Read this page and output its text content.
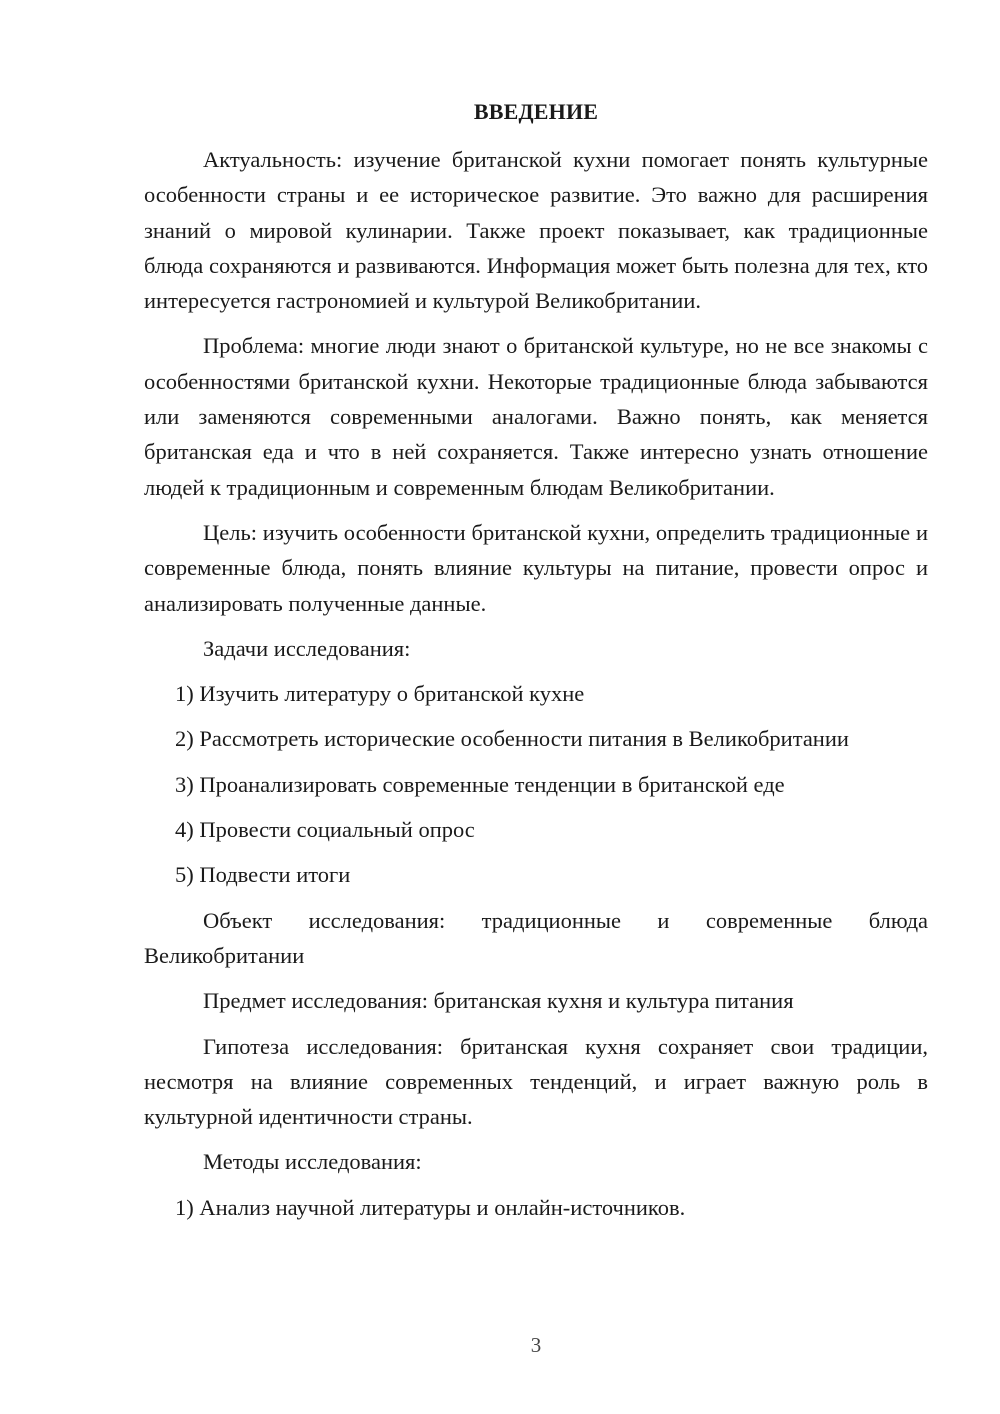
ВВЕДЕНИЕ

Актуальность: изучение британской кухни помогает понять культурные особенности страны и ее историческое развитие. Это важно для расширения знаний о мировой кулинарии. Также проект показывает, как традиционные блюда сохраняются и развиваются. Информация может быть полезна для тех, кто интересуется гастрономией и культурой Великобритании.

Проблема: многие люди знают о британской культуре, но не все знакомы с особенностями британской кухни. Некоторые традиционные блюда забываются или заменяются современными аналогами. Важно понять, как меняется британская еда и что в ней сохраняется. Также интересно узнать отношение людей к традиционным и современным блюдам Великобритании.

Цель: изучить особенности британской кухни, определить традиционные и современные блюда, понять влияние культуры на питание, провести опрос и анализировать полученные данные.

Задачи исследования:

1) Изучить литературу о британской кухне

2) Рассмотреть исторические особенности питания в Великобритании

3) Проанализировать современные тенденции в британской еде

4) Провести социальный опрос

5) Подвести итоги

Объект исследования: традиционные и современные блюда Великобритании

Предмет исследования: британская кухня и культура питания

Гипотеза исследования: британская кухня сохраняет свои традиции, несмотря на влияние современных тенденций, и играет важную роль в культурной идентичности страны.

Методы исследования:

1) Анализ научной литературы и онлайн-источников.

3
